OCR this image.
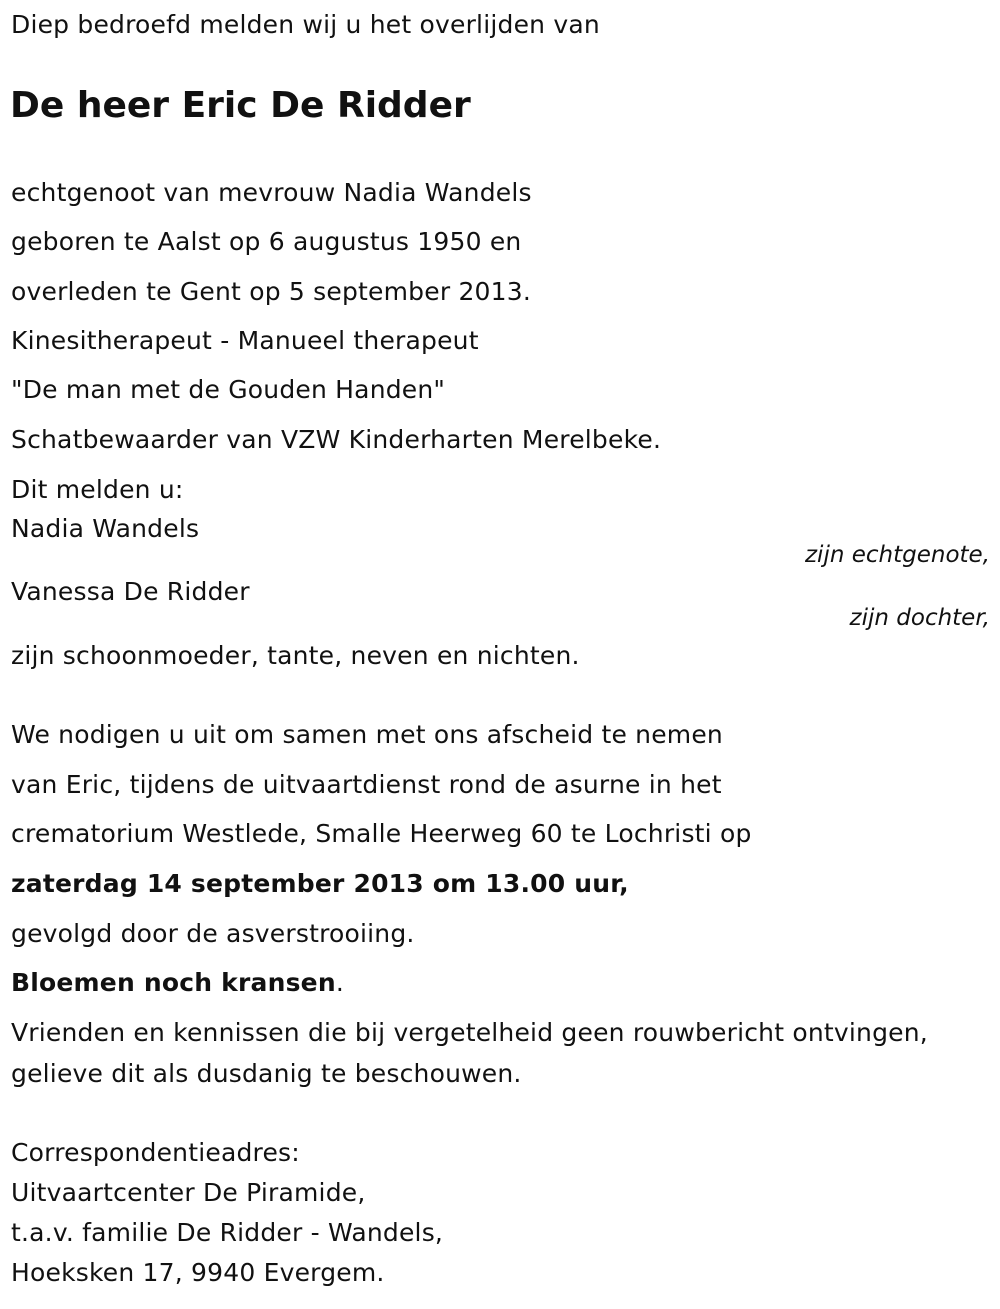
Diep bedroefd melden wij u het overlijden van
De heer Eric De Ridder
echtgenoot van mevrouw Nadia Wandels
geboren te Aalst op 6 augustus 1950 en
overleden te Gent op 5 september 2013.
Kinesitherapeut - Manueel therapeut
"De man met de Gouden Handen"
Schatbewaarder van VZW Kinderharten Merelbeke.
Dit melden u:
Nadia Wandels
zijn echtgenote,
Vanessa De Ridder
zijn dochter,
zijn schoonmoeder, tante, neven en nichten.
We nodigen u uit om samen met ons afscheid te nemen
van Eric, tijdens de uitvaartdienst rond de asurne in het
crematorium Westlede, Smalle Heerweg 60 te Lochristi op
zaterdag 14 september 2013 om 13.00 uur,
gevolgd door de asverstrooiing.
Bloemen noch kransen.
Vrienden en kennissen die bij vergetelheid geen rouwbericht ontvingen,
gelieve dit als dusdanig te beschouwen.
Correspondentieadres:
Uitvaartcenter De Piramide,
t.a.v. familie De Ridder - Wandels,
Hoeksken 17, 9940 Evergem.
